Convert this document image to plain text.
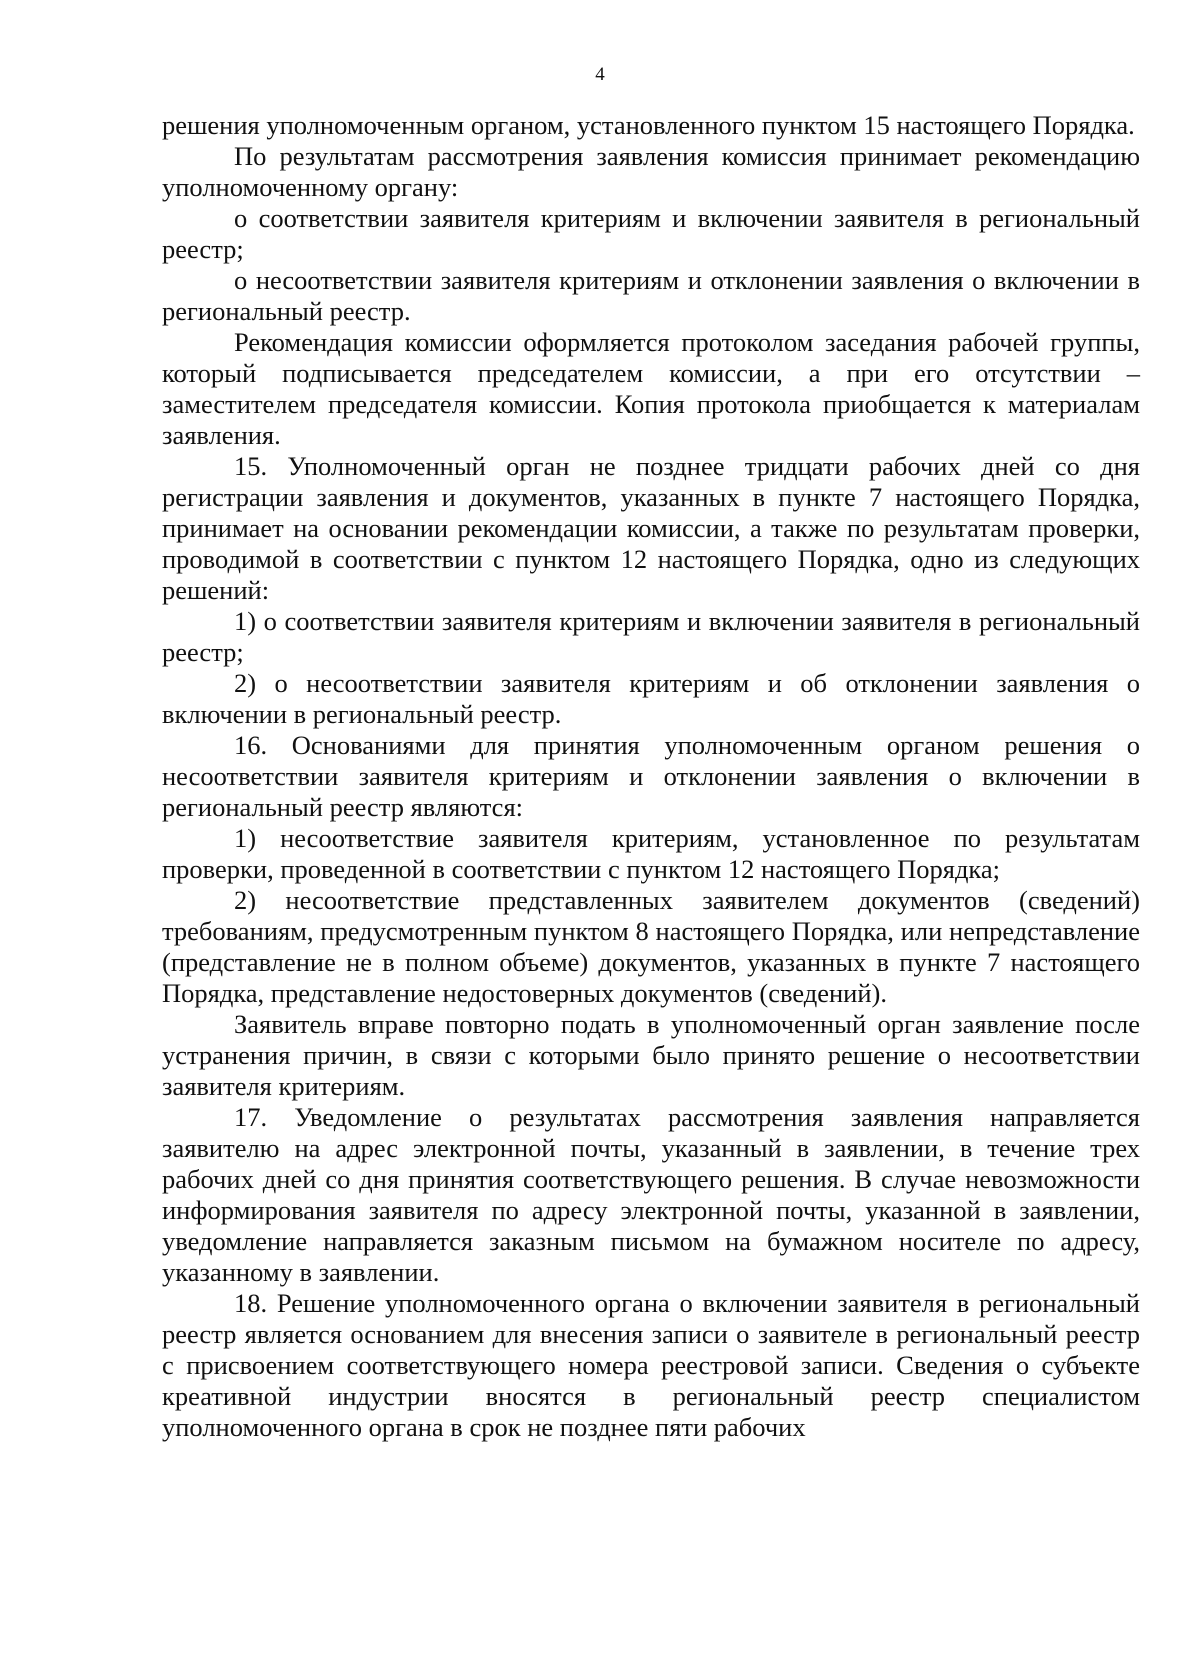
4

решения уполномоченным органом, установленного пунктом 15 настоящего Порядка.

По результатам рассмотрения заявления комиссия принимает рекомендацию уполномоченному органу:

о соответствии заявителя критериям и включении заявителя в региональный реестр;

о несоответствии заявителя критериям и отклонении заявления о включении в региональный реестр.

Рекомендация комиссии оформляется протоколом заседания рабочей группы, который подписывается председателем комиссии, а при его отсутствии – заместителем председателя комиссии. Копия протокола приобщается к материалам заявления.

15. Уполномоченный орган не позднее тридцати рабочих дней со дня регистрации заявления и документов, указанных в пункте 7 настоящего Порядка, принимает на основании рекомендации комиссии, а также по результатам проверки, проводимой в соответствии с пунктом 12 настоящего Порядка, одно из следующих решений:

1) о соответствии заявителя критериям и включении заявителя в региональный реестр;

2) о несоответствии заявителя критериям и об отклонении заявления о включении в региональный реестр.

16. Основаниями для принятия уполномоченным органом решения о несоответствии заявителя критериям и отклонении заявления о включении в региональный реестр являются:

1) несоответствие заявителя критериям, установленное по результатам проверки, проведенной в соответствии с пунктом 12 настоящего Порядка;

2) несоответствие представленных заявителем документов (сведений) требованиям, предусмотренным пунктом 8 настоящего Порядка, или непредставление (представление не в полном объеме) документов, указанных в пункте 7 настоящего Порядка, представление недостоверных документов (сведений).

Заявитель вправе повторно подать в уполномоченный орган заявление после устранения причин, в связи с которыми было принято решение о несоответствии заявителя критериям.

17. Уведомление о результатах рассмотрения заявления направляется заявителю на адрес электронной почты, указанный в заявлении, в течение трех рабочих дней со дня принятия соответствующего решения. В случае невозможности информирования заявителя по адресу электронной почты, указанной в заявлении, уведомление направляется заказным письмом на бумажном носителе по адресу, указанному в заявлении.

18. Решение уполномоченного органа о включении заявителя в региональный реестр является основанием для внесения записи о заявителе в региональный реестр с присвоением соответствующего номера реестровой записи. Сведения о субъекте креативной индустрии вносятся в региональный реестр специалистом уполномоченного органа в срок не позднее пяти рабочих
